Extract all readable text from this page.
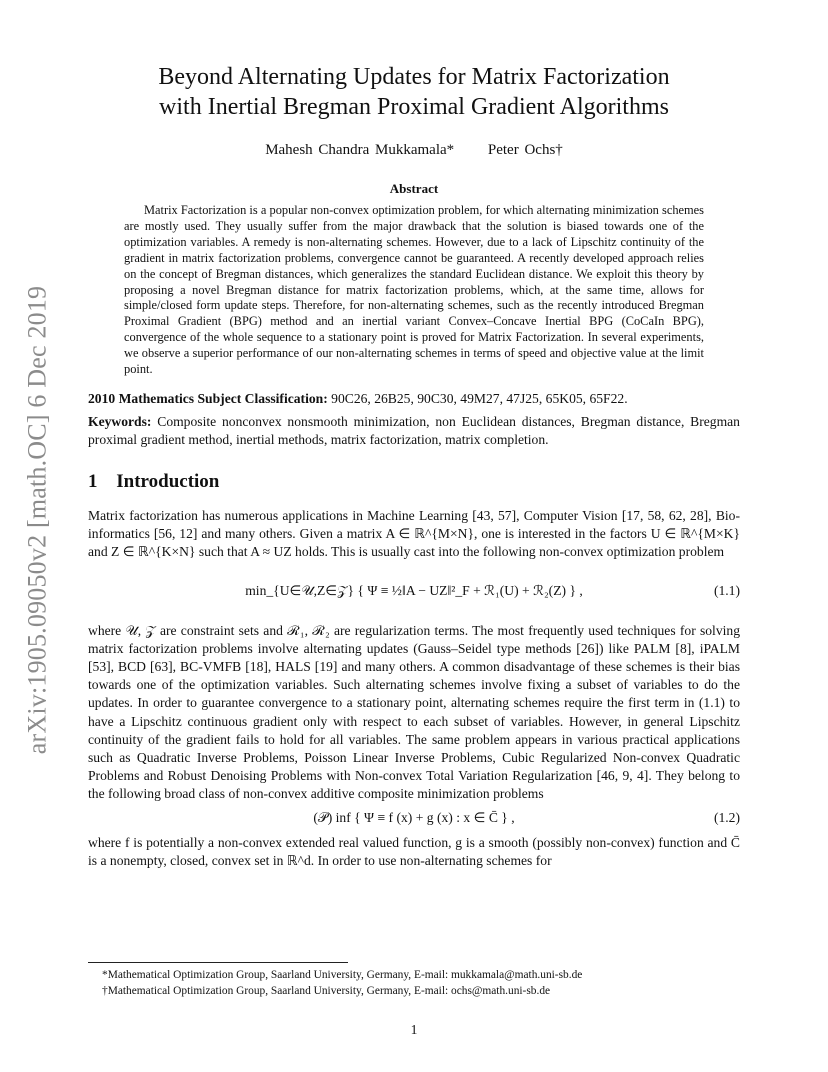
arXiv:1905.09050v2 [math.OC] 6 Dec 2019
Beyond Alternating Updates for Matrix Factorization
with Inertial Bregman Proximal Gradient Algorithms
Mahesh Chandra Mukkamala* Peter Ochs†
Abstract

Matrix Factorization is a popular non-convex optimization problem, for which alternating minimization schemes are mostly used. They usually suffer from the major drawback that the solution is biased towards one of the optimization variables. A remedy is non-alternating schemes. However, due to a lack of Lipschitz continuity of the gradient in matrix factorization problems, convergence cannot be guaranteed. A recently developed approach relies on the concept of Bregman distances, which generalizes the standard Euclidean distance. We exploit this theory by proposing a novel Bregman distance for matrix factorization problems, which, at the same time, allows for simple/closed form update steps. Therefore, for non-alternating schemes, such as the recently introduced Bregman Proximal Gradient (BPG) method and an inertial variant Convex–Concave Inertial BPG (CoCaIn BPG), convergence of the whole sequence to a stationary point is proved for Matrix Factorization. In several experiments, we observe a superior performance of our non-alternating schemes in terms of speed and objective value at the limit point.

2010 Mathematics Subject Classification: 90C26, 26B25, 90C30, 49M27, 47J25, 65K05, 65F22.
Keywords: Composite nonconvex nonsmooth minimization, non Euclidean distances, Bregman distance, Bregman proximal gradient method, inertial methods, matrix factorization, matrix completion.
1 Introduction

Matrix factorization has numerous applications in Machine Learning [43, 57], Computer Vision [17, 58, 62, 28], Bio-informatics [56, 12] and many others. Given a matrix A ∈ ℝ^{M×N}, one is interested in the factors U ∈ ℝ^{M×K} and Z ∈ ℝ^{K×N} such that A ≈ UZ holds. This is usually cast into the following non-convex optimization problem

min_{U∈𝒰,Z∈𝒵} { Ψ ≡ ½‖A − UZ‖²_F + ℛ₁(U) + ℛ₂(Z) } ,	(1.1)

where 𝒰, 𝒵 are constraint sets and ℛ₁, ℛ₂ are regularization terms. The most frequently used techniques for solving matrix factorization problems involve alternating updates (Gauss–Seidel type methods [26]) like PALM [8], iPALM [53], BCD [63], BC-VMFB [18], HALS [19] and many others. A common disadvantage of these schemes is their bias towards one of the optimization variables. Such alternating schemes involve fixing a subset of variables to do the updates. In order to guarantee convergence to a stationary point, alternating schemes require the first term in (1.1) to have a Lipschitz continuous gradient only with respect to each subset of variables. However, in general Lipschitz continuity of the gradient fails to hold for all variables. The same problem appears in various practical applications such as Quadratic Inverse Problems, Poisson Linear Inverse Problems, Cubic Regularized Non-convex Quadratic Problems and Robust Denoising Problems with Non-convex Total Variation Regularization [46, 9, 4]. They belong to the following broad class of non-convex additive composite minimization problems

(𝒫) inf { Ψ ≡ f (x) + g (x) : x ∈ C̄ } ,	(1.2)

where f is potentially a non-convex extended real valued function, g is a smooth (possibly non-convex) function and C̄ is a nonempty, closed, convex set in ℝ^d. In order to use non-alternating schemes for

*Mathematical Optimization Group, Saarland University, Germany, E-mail: mukkamala@math.uni-sb.de
†Mathematical Optimization Group, Saarland University, Germany, E-mail: ochs@math.uni-sb.de
1
